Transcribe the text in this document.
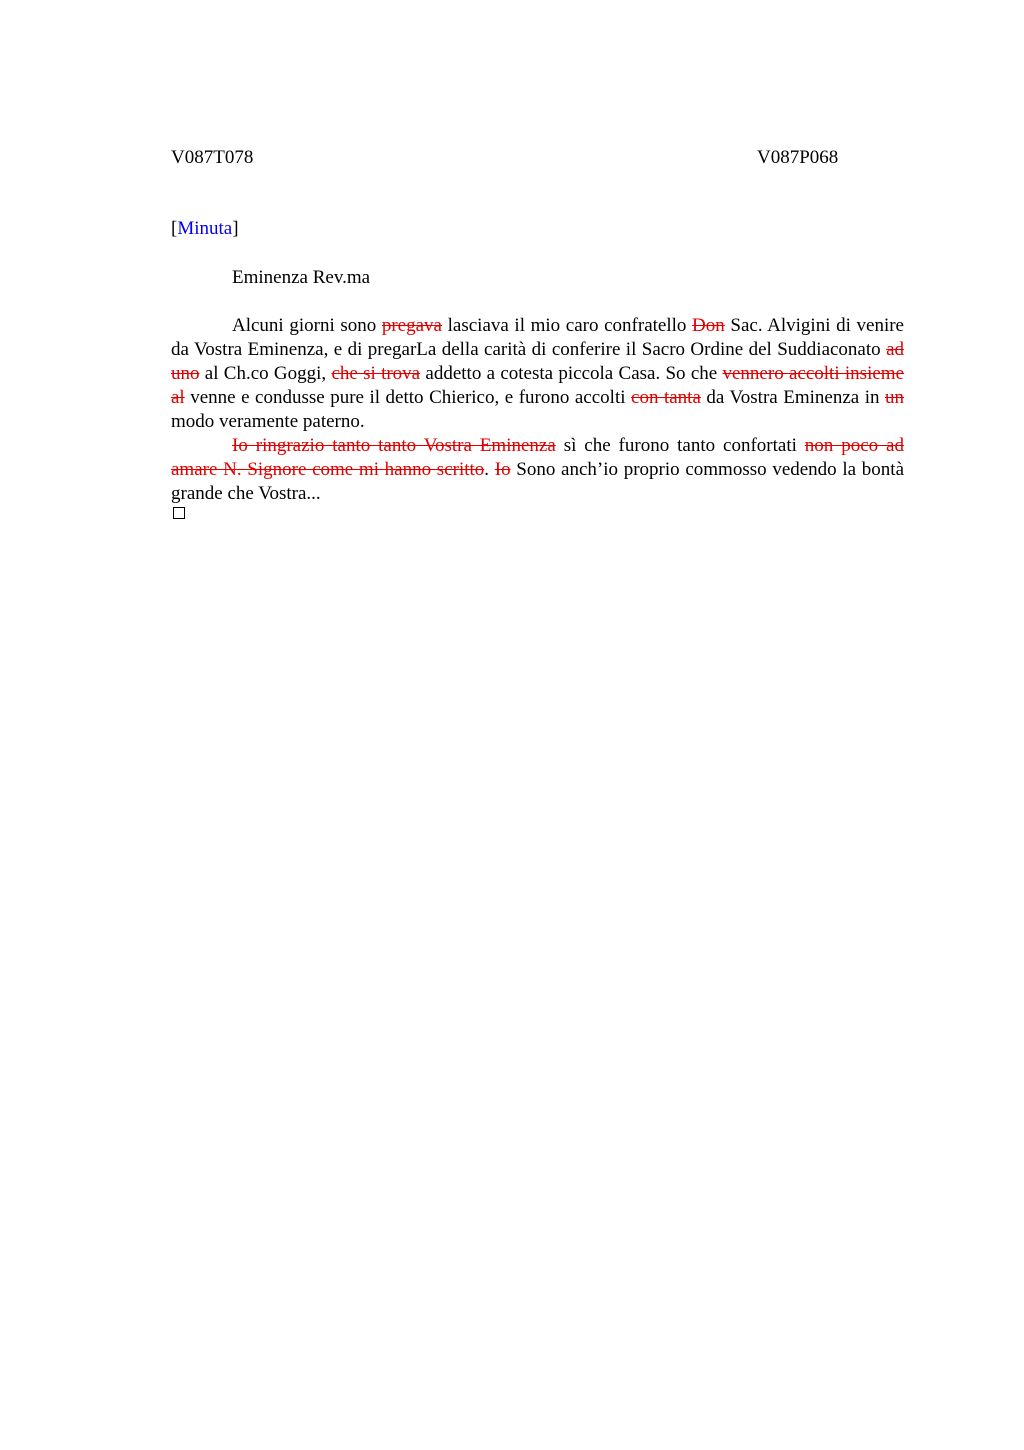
V087T078	V087P068
[Minuta]

Eminenza Rev.ma

Alcuni giorni sono pregava lasciava il mio caro confratello Don Sac. Alvigini di venire da Vostra Eminenza, e di pregarLa della carità di conferire il Sacro Ordine del Suddiaconato ad uno al Ch.co Goggi, che si trova addetto a cotesta piccola Casa. So che vennero accolti insieme al venne e condusse pure il detto Chierico, e furono accolti con tanta da Vostra Eminenza in un modo veramente paterno.

Io ringrazio tanto tanto Vostra Eminenza sì che furono tanto confortati non poco ad amare N. Signore come mi hanno scritto. Io Sono anch’io proprio commosso vedendo la bontà grande che Vostra...
